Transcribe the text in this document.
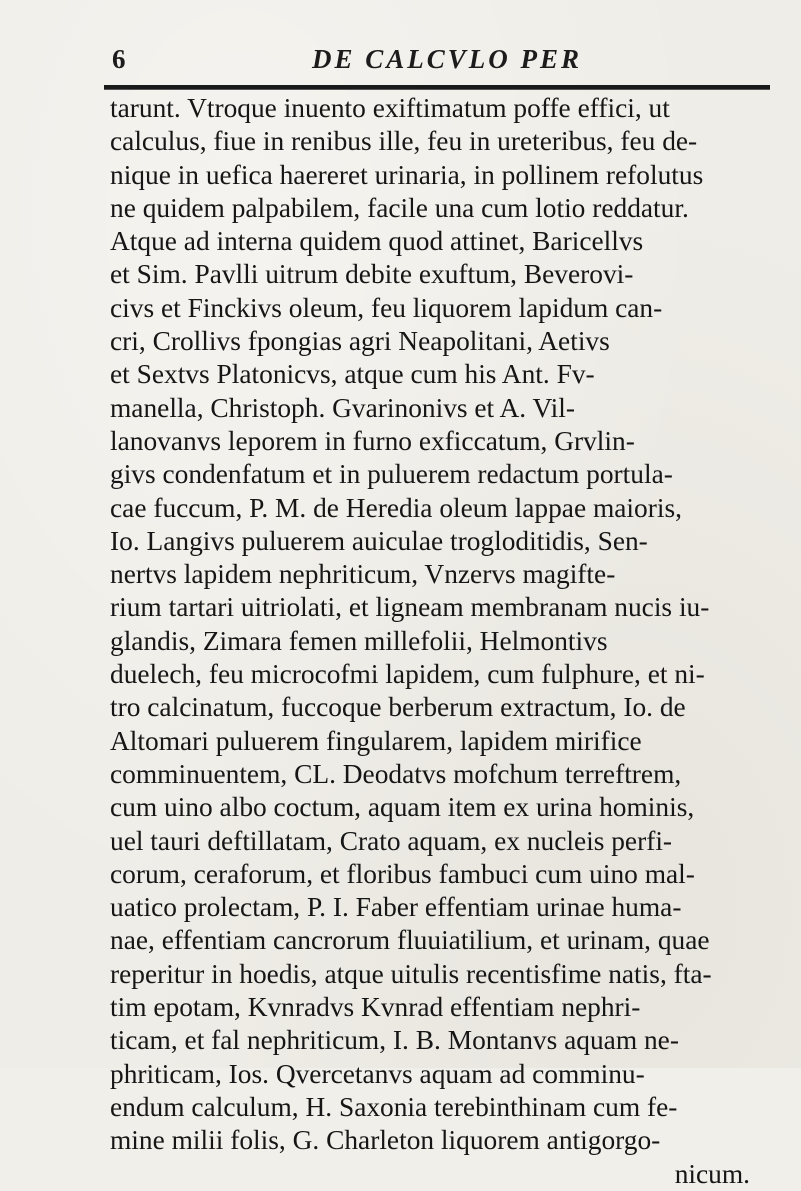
6	DE CALCVLO PER
tarunt. Vtroque inuento exiftimatum poffe effici, ut
calculus, fiue in renibus ille, feu in ureteribus, feu de-
nique in uefica haereret urinaria, in pollinem refolutus
ne quidem palpabilem, facile una cum lotio reddatur.
Atque ad interna quidem quod attinet, Baricellvs
et Sim. Pavlli uitrum debite exuftum, Beverovi-
civs et Finckivs oleum, feu liquorem lapidum can-
cri, Crollivs fpongias agri Neapolitani, Aetivs
et Sextvs Platonicvs, atque cum his Ant. Fv-
manella, Christoph. Gvarinonivs et A. Vil-
lanovanvs leporem in furno exficcatum, Grvlin-
givs condenfatum et in puluerem redactum portula-
cae fuccum, P. M. de Heredia oleum lappae maioris,
Io. Langivs puluerem auiculae trogloditidis, Sen-
nertvs lapidem nephriticum, Vnzervs magifte-
rium tartari uitriolati, et ligneam membranam nucis iu-
glandis, Zimara femen millefolii, Helmontivs
duelech, feu microcofmi lapidem, cum fulphure, et ni-
tro calcinatum, fuccoque berberum extractum, Io. de
Altomari puluerem fingularem, lapidem mirifice
comminuentem, CL. Deodatvs mofchum terreftrem,
cum uino albo coctum, aquam item ex urina hominis,
uel tauri deftillatam, Crato aquam, ex nucleis perfi-
corum, ceraforum, et floribus fambuci cum uino mal-
uatico prolectam, P. I. Faber effentiam urinae huma-
nae, effentiam cancrorum fluuiatilium, et urinam, quae
reperitur in hoedis, atque uitulis recentisfime natis, fta-
tim epotam, Kvnradvs Kvnrad effentiam nephri-
ticam, et fal nephriticum, I. B. Montanvs aquam ne-
phriticam, Ios. Qvercetanvs aquam ad comminu-
endum calculum, H. Saxonia terebinthinam cum fe-
mine milii folis, G. Charleton liquorem antigorgo-
nicum.
